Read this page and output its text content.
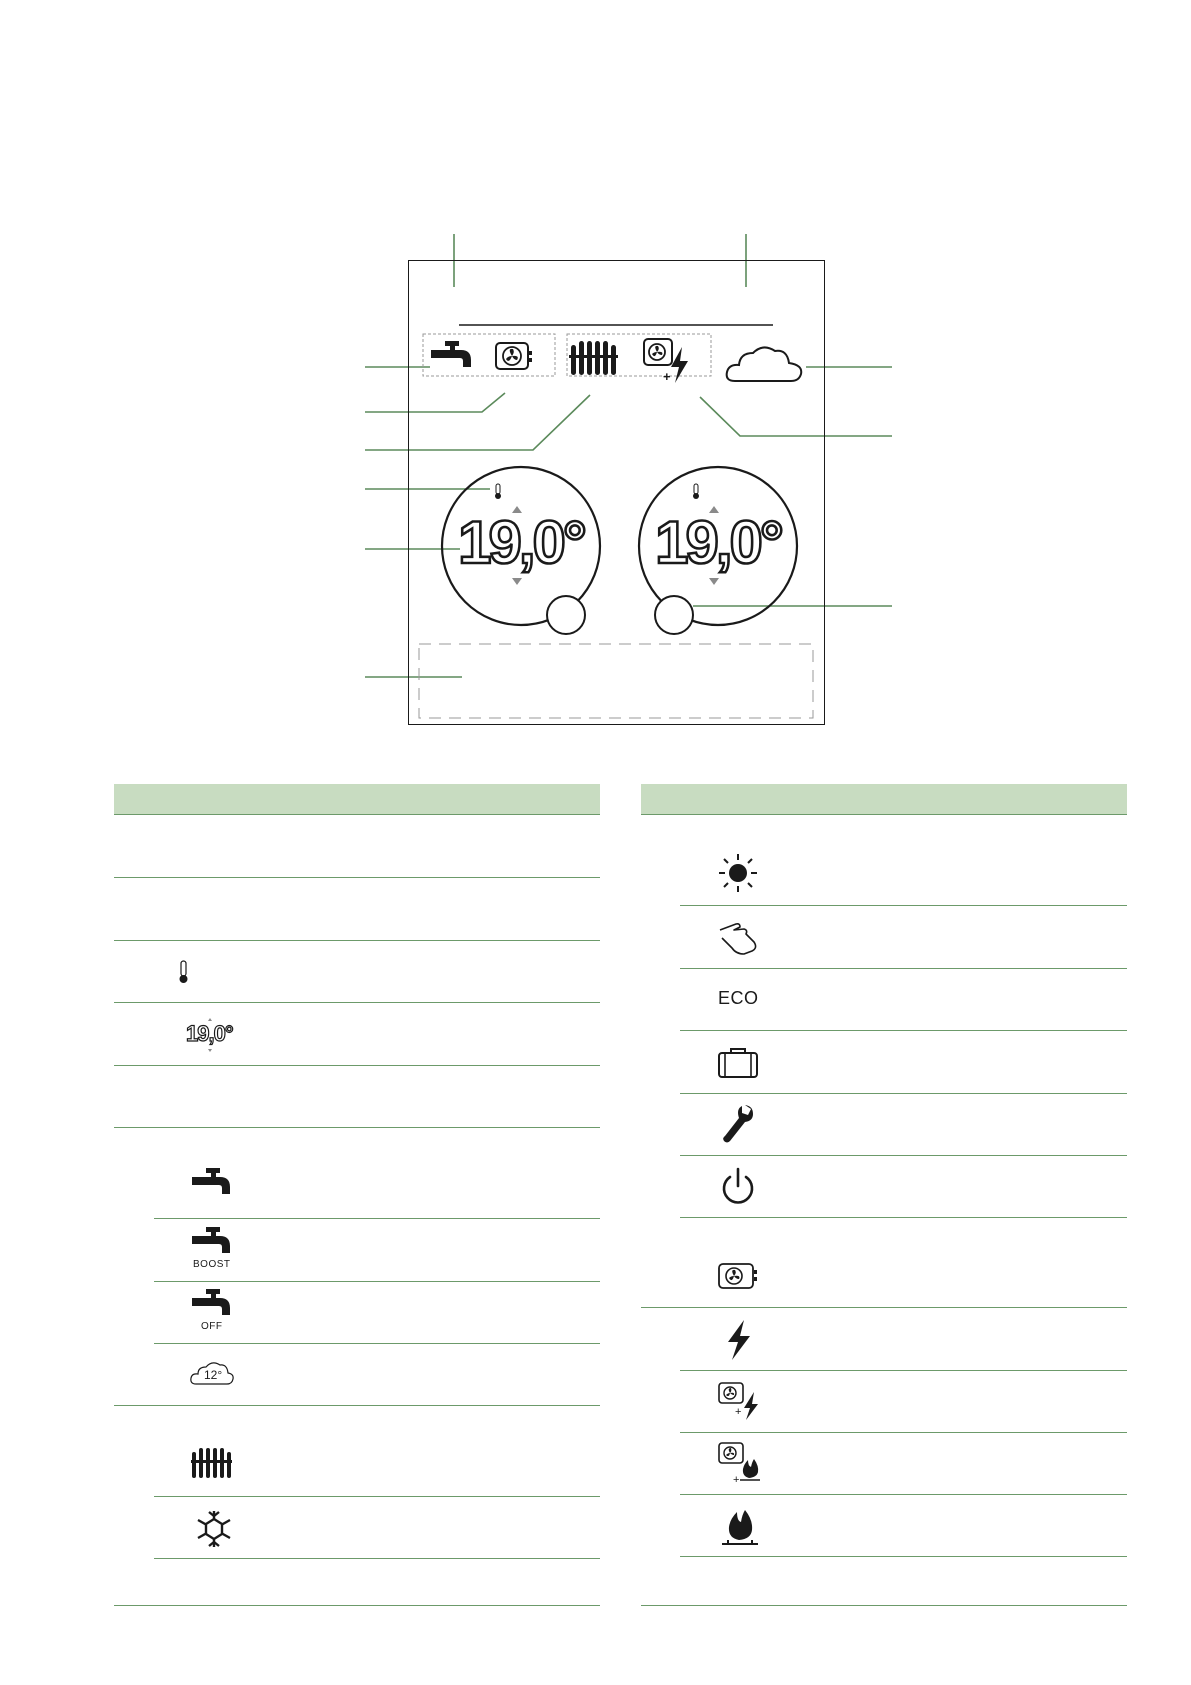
+
19,0° 19,0°
19,0°
BOOST
OFF
12°
ECO
+
+
